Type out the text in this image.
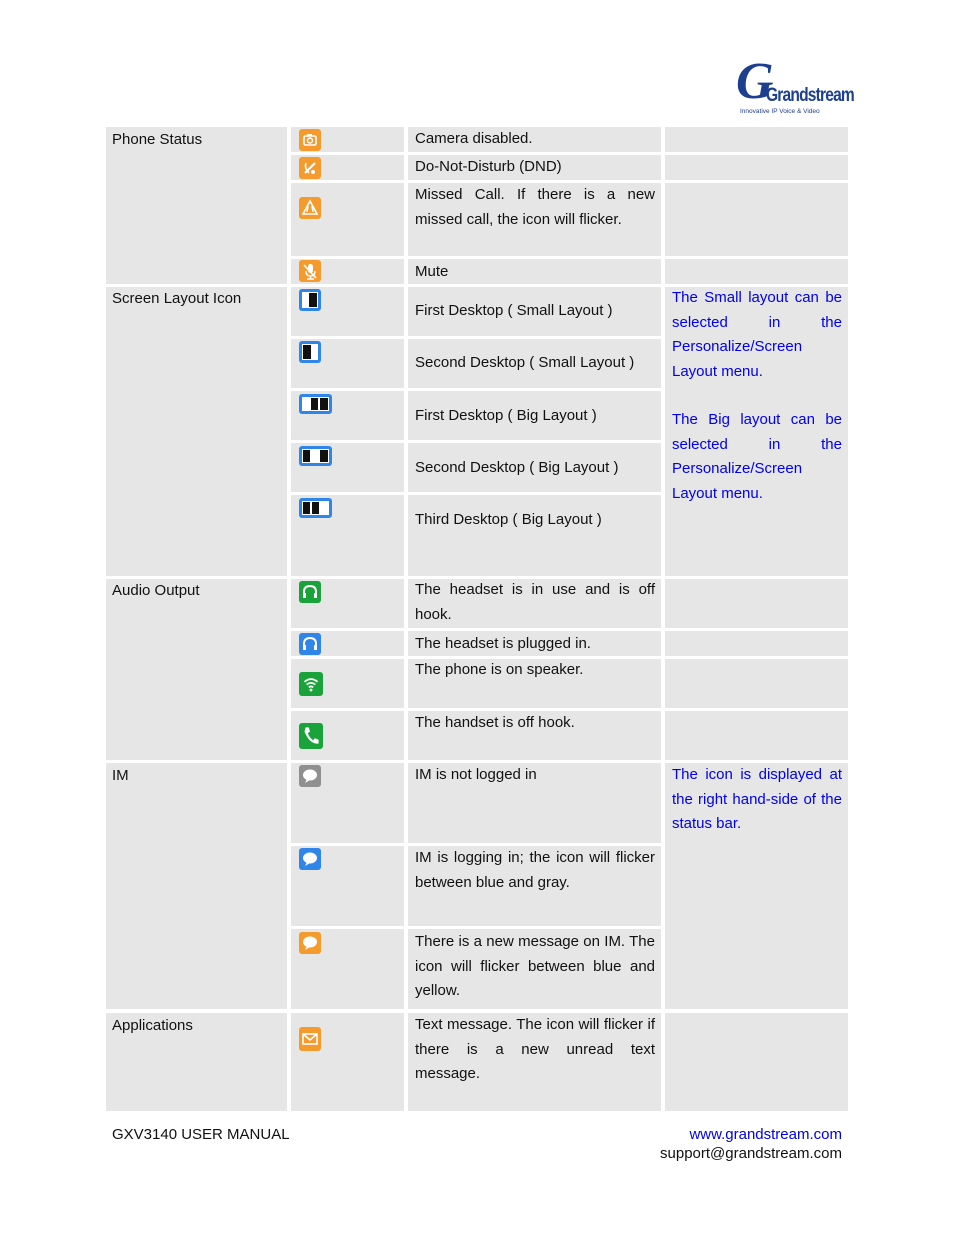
G
Grandstream
Innovative IP Voice & Video
Phone Status
Screen Layout Icon
Audio Output
IM
Applications
Camera disabled.
Do-Not-Disturb (DND)
Missed Call. If there is a new missed call, the icon will flicker.
Mute
First Desktop ( Small Layout )
Second Desktop ( Small Layout )
First Desktop ( Big Layout )
Second Desktop ( Big Layout )
Third Desktop ( Big Layout )
The headset is in use and is off hook.
The headset is plugged in.
The phone is on speaker.
The handset is off hook.
IM is not logged in
IM is logging in; the icon will flicker between blue and gray.
There is a new message on IM. The icon will flicker between blue and yellow.
Text message. The icon will flicker if there is a new unread text message.
The Small layout can be selected in the Personalize/Screen Layout menu.
The Big layout can be selected in the Personalize/Screen Layout menu.
The icon is displayed at the right hand-side of the status bar.
GXV3140 USER MANUAL	www.grandstream.com
support@grandstream.com
